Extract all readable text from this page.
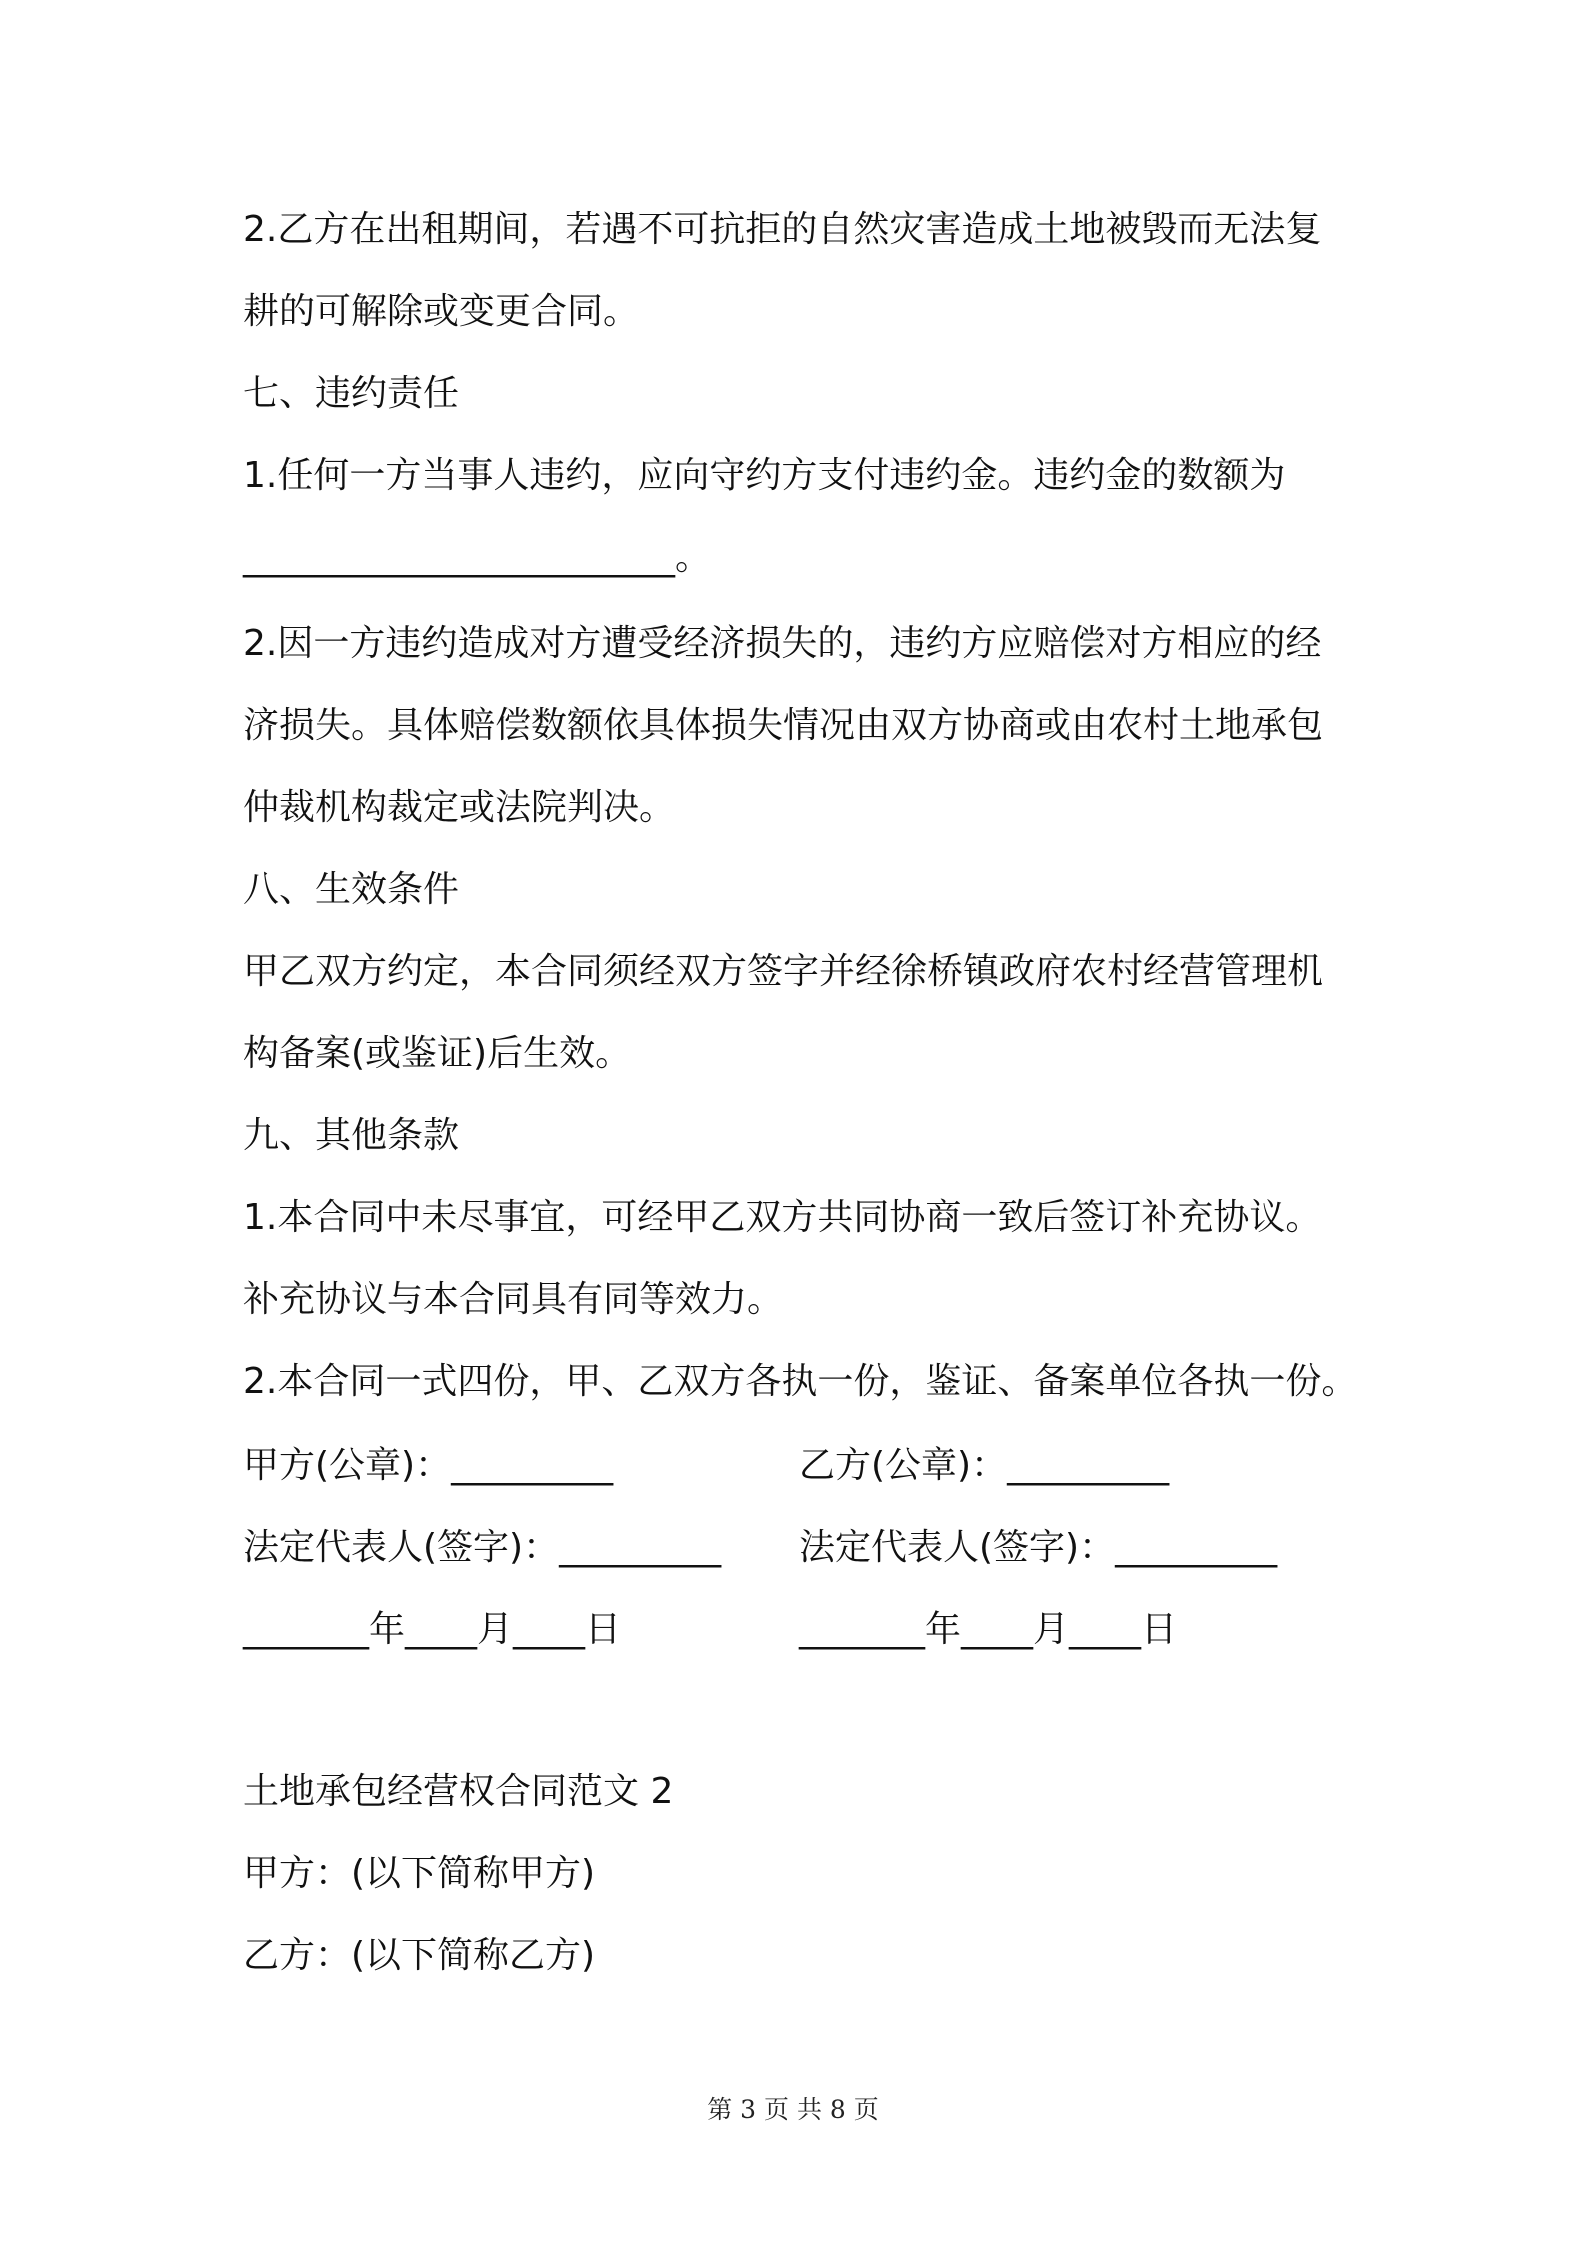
2.乙方在出租期间，若遇不可抗拒的自然灾害造成土地被毁而无法复
耕的可解除或变更合同。
七、违约责任
1.任何一方当事人违约，应向守约方支付违约金。违约金的数额为
________________________。
2.因一方违约造成对方遭受经济损失的，违约方应赔偿对方相应的经
济损失。具体赔偿数额依具体损失情况由双方协商或由农村土地承包
仲裁机构裁定或法院判决。
八、生效条件
甲乙双方约定，本合同须经双方签字并经徐桥镇政府农村经营管理机
构备案(或鉴证)后生效。
九、其他条款
1.本合同中未尽事宜，可经甲乙双方共同协商一致后签订补充协议。
补充协议与本合同具有同等效力。
2.本合同一式四份，甲、乙双方各执一份，鉴证、备案单位各执一份。
甲方(公章)：_________	乙方(公章)：_________
法定代表人(签字)：_________ 法定代表人(签字)：_________
_______年____月____日	_______年____月____日
土地承包经营权合同范文 2
甲方：(以下简称甲方)
乙方：(以下简称乙方)
第 3 页 共 8 页
